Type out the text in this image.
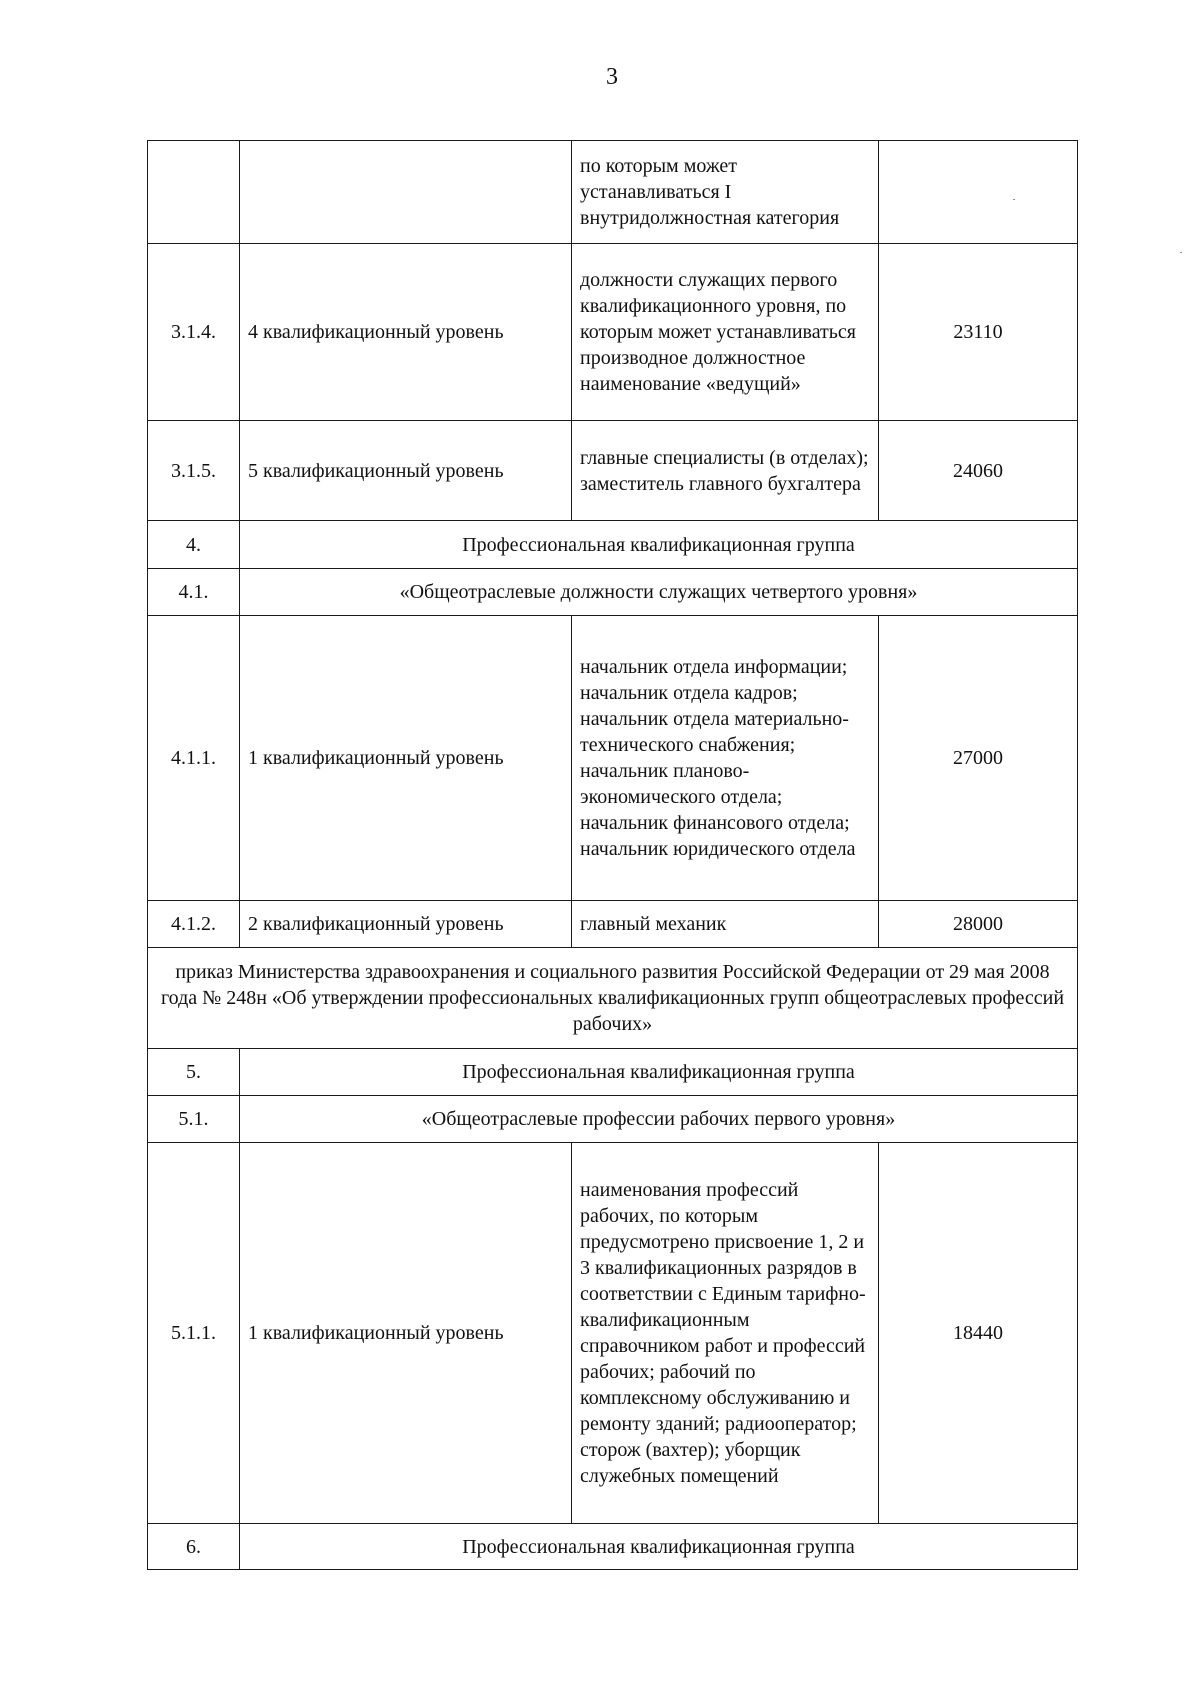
3
		по которым может устанавливаться I внутридолжностная категория	
3.1.4.	4 квалификационный уровень	должности служащих первого квалификационного уровня, по которым может устанавливаться производное должностное наименование «ведущий»	23110
3.1.5.	5 квалификационный уровень	главные специалисты (в отделах); заместитель главного бухгалтера	24060
4.	Профессиональная квалификационная группа		
4.1.	«Общеотраслевые должности служащих четвертого уровня»		
4.1.1.	1 квалификационный уровень	начальник отдела информации; начальник отдела кадров; начальник отдела материально-технического снабжения; начальник планово-экономического отдела; начальник финансового отдела; начальник юридического отдела	27000
4.1.2.	2 квалификационный уровень	главный механик	28000
приказ Министерства здравоохранения и социального развития Российской Федерации от 29 мая 2008 года № 248н «Об утверждении профессиональных квалификационных групп общеотраслевых профессий рабочих»			
5.	Профессиональная квалификационная группа		
5.1.	«Общеотраслевые профессии рабочих первого уровня»		
5.1.1.	1 квалификационный уровень	наименования профессий рабочих, по которым предусмотрено присвоение 1, 2 и 3 квалификационных разрядов в соответствии с Единым тарифно-квалификационным справочником работ и профессий рабочих; рабочий по комплексному обслуживанию и ремонту зданий; радиооператор; сторож (вахтер); уборщик служебных помещений	18440
6.	Профессиональная квалификационная группа		
